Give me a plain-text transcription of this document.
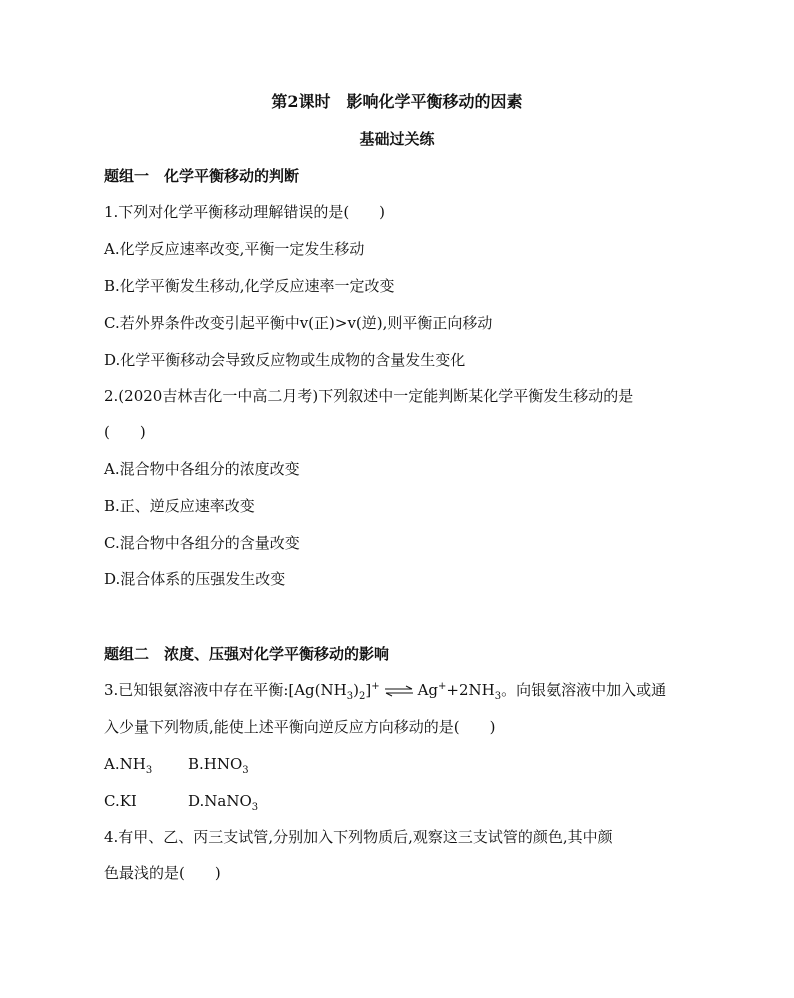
第2课时　影响化学平衡移动的因素
基础过关练
题组一　化学平衡移动的判断
1.下列对化学平衡移动理解错误的是(　　)
A.化学反应速率改变,平衡一定发生移动
B.化学平衡发生移动,化学反应速率一定改变
C.若外界条件改变引起平衡中v(正)>v(逆),则平衡正向移动
D.化学平衡移动会导致反应物或生成物的含量发生变化
2.(2020吉林吉化一中高二月考)下列叙述中一定能判断某化学平衡发生移动的是
(　　)
A.混合物中各组分的浓度改变
B.正、逆反应速率改变
C.混合物中各组分的含量改变
D.混合体系的压强发生改变
题组二　浓度、压强对化学平衡移动的影响
3.已知银氨溶液中存在平衡$:[Ag(NH_3)_2]^+$ ⇌ $Ag^++2NH_3$。向银氨溶液中加入或通
入少量下列物质,能使上述平衡向逆反应方向移动的是(　　)
$A.NH_3$ $B.HNO_3$
C.KI	D.NaNO$_3$
4.有甲、乙、丙三支试管,分别加入下列物质后,观察这三支试管的颜色,其中颜
色最浅的是(　　)
